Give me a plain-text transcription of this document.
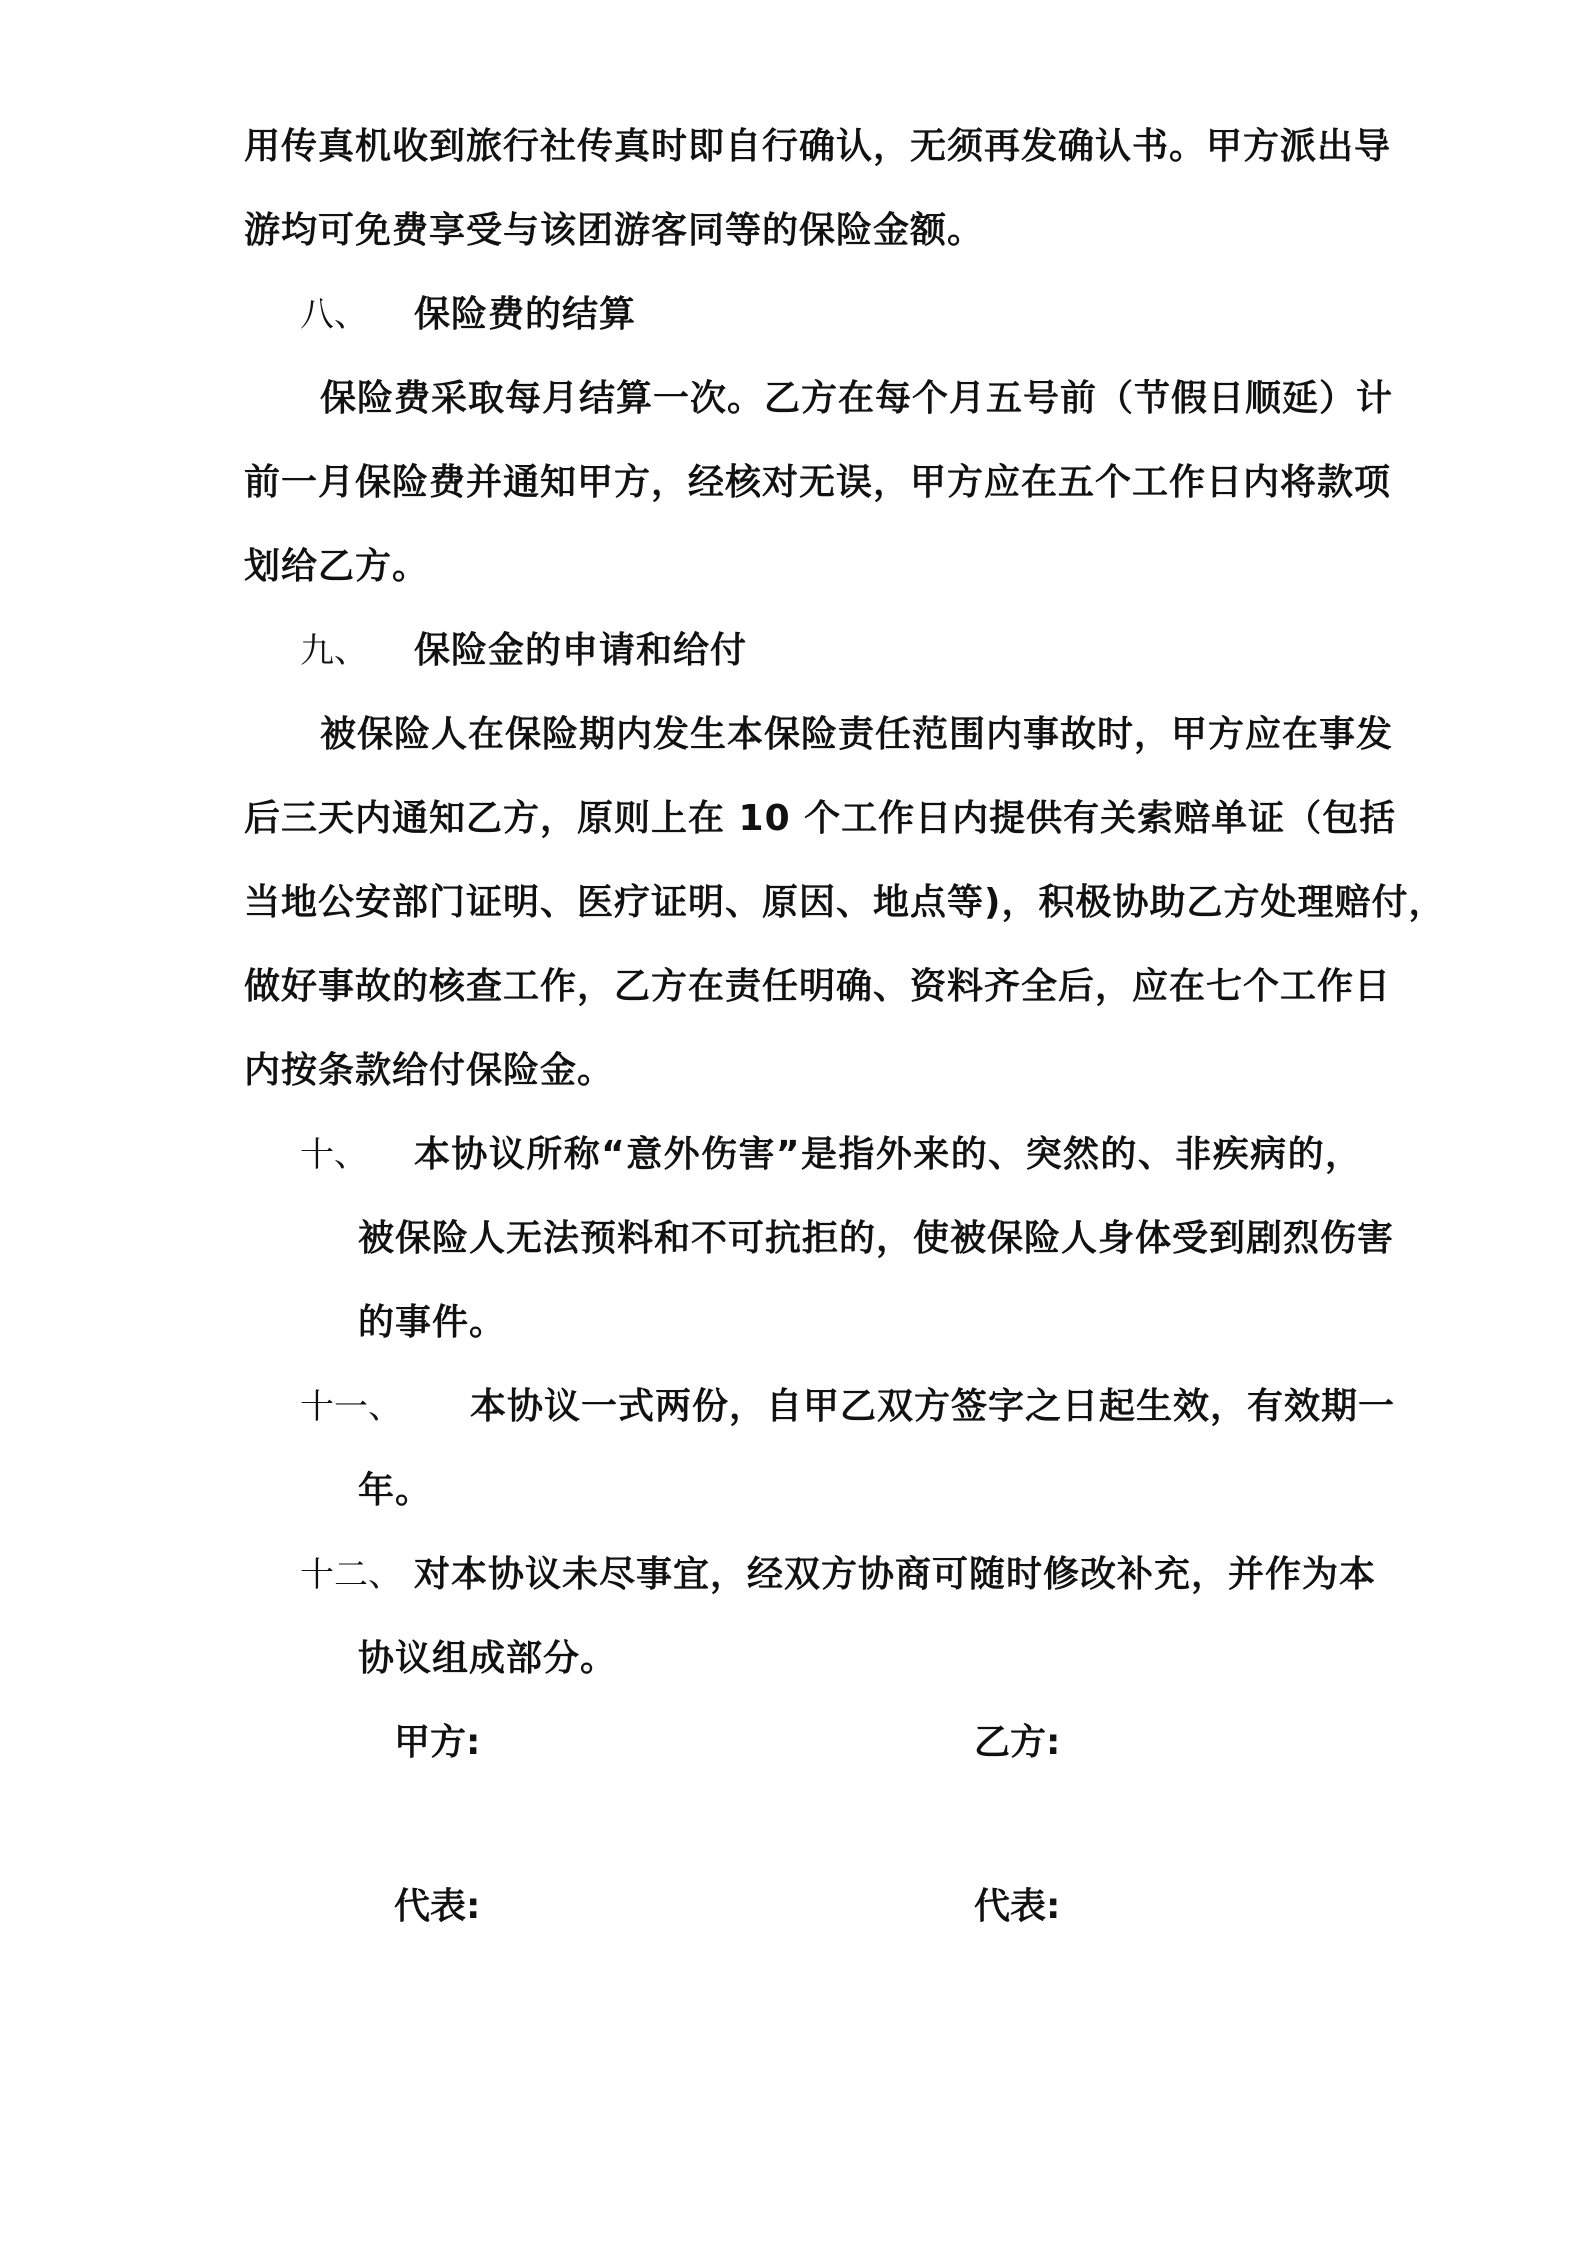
用传真机收到旅行社传真时即自行确认，无须再发确认书。甲方派出导
游均可免费享受与该团游客同等的保险金额。
八、 保险费的结算
保险费采取每月结算一次。乙方在每个月五号前（节假日顺延）计
前一月保险费并通知甲方，经核对无误，甲方应在五个工作日内将款项
划给乙方。
九、 保险金的申请和给付
被保险人在保险期内发生本保险责任范围内事故时，甲方应在事发
后三天内通知乙方，原则上在 10 个工作日内提供有关索赔单证（包括
当地公安部门证明、医疗证明、原因、地点等)，积极协助乙方处理赔付，
做好事故的核查工作，乙方在责任明确、资料齐全后，应在七个工作日
内按条款给付保险金。
十、 本协议所称“意外伤害”是指外来的、突然的、非疾病的，
被保险人无法预料和不可抗拒的，使被保险人身体受到剧烈伤害
的事件。
十一、 本协议一式两份，自甲乙双方签字之日起生效，有效期一
年。
十二、 对本协议未尽事宜，经双方协商可随时修改补充，并作为本
协议组成部分。
甲方:	乙方:
代表:	代表:
